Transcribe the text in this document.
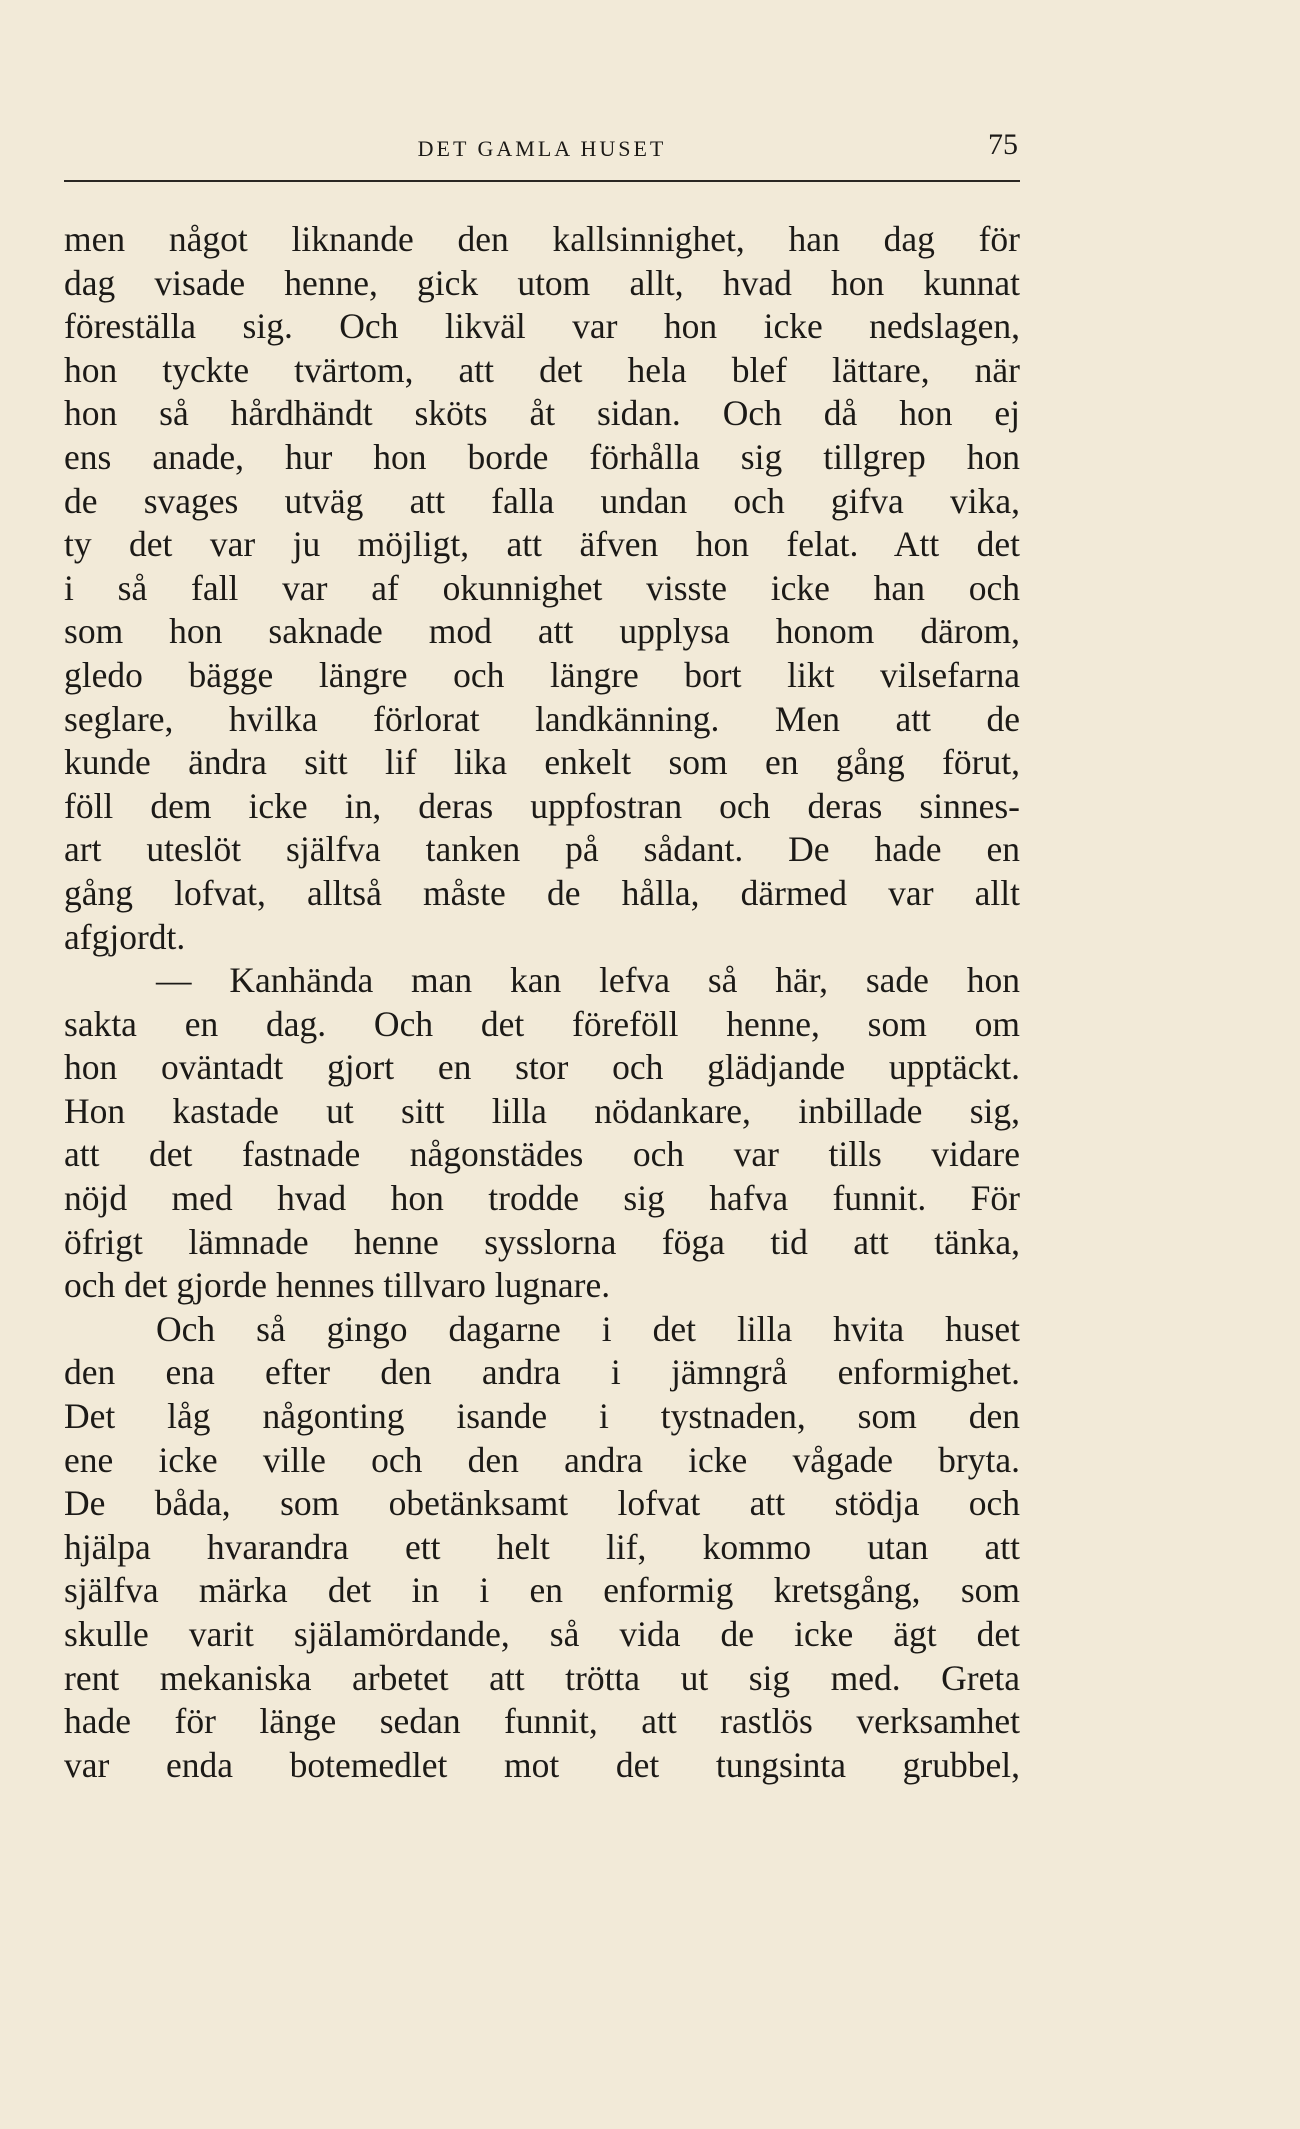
DET GAMLA HUSET	75
men något liknande den kallsinnighet, han dag för
dag visade henne, gick utom allt, hvad hon kunnat
föreställa sig. Och likväl var hon icke nedslagen,
hon tyckte tvärtom, att det hela blef lättare, när
hon så hårdhändt sköts åt sidan. Och då hon ej
ens anade, hur hon borde förhålla sig tillgrep hon
de svages utväg att falla undan och gifva vika,
ty det var ju möjligt, att äfven hon felat. Att det
i så fall var af okunnighet visste icke han och
som hon saknade mod att upplysa honom därom,
gledo bägge längre och längre bort likt vilsefarna
seglare, hvilka förlorat landkänning. Men att de
kunde ändra sitt lif lika enkelt som en gång förut,
föll dem icke in, deras uppfostran och deras sinnes-
art uteslöt själfva tanken på sådant. De hade en
gång lofvat, alltså måste de hålla, därmed var allt
afgjordt.
— Kanhända man kan lefva så här, sade hon
sakta en dag. Och det föreföll henne, som om
hon oväntadt gjort en stor och glädjande upptäckt.
Hon kastade ut sitt lilla nödankare, inbillade sig,
att det fastnade någonstädes och var tills vidare
nöjd med hvad hon trodde sig hafva funnit. För
öfrigt lämnade henne sysslorna föga tid att tänka,
och det gjorde hennes tillvaro lugnare.
Och så gingo dagarne i det lilla hvita huset
den ena efter den andra i jämngrå enformighet.
Det låg någonting isande i tystnaden, som den
ene icke ville och den andra icke vågade bryta.
De båda, som obetänksamt lofvat att stödja och
hjälpa hvarandra ett helt lif, kommo utan att
själfva märka det in i en enformig kretsgång, som
skulle varit själamördande, så vida de icke ägt det
rent mekaniska arbetet att trötta ut sig med. Greta
hade för länge sedan funnit, att rastlös verksamhet
var enda botemedlet mot det tungsinta grubbel,
